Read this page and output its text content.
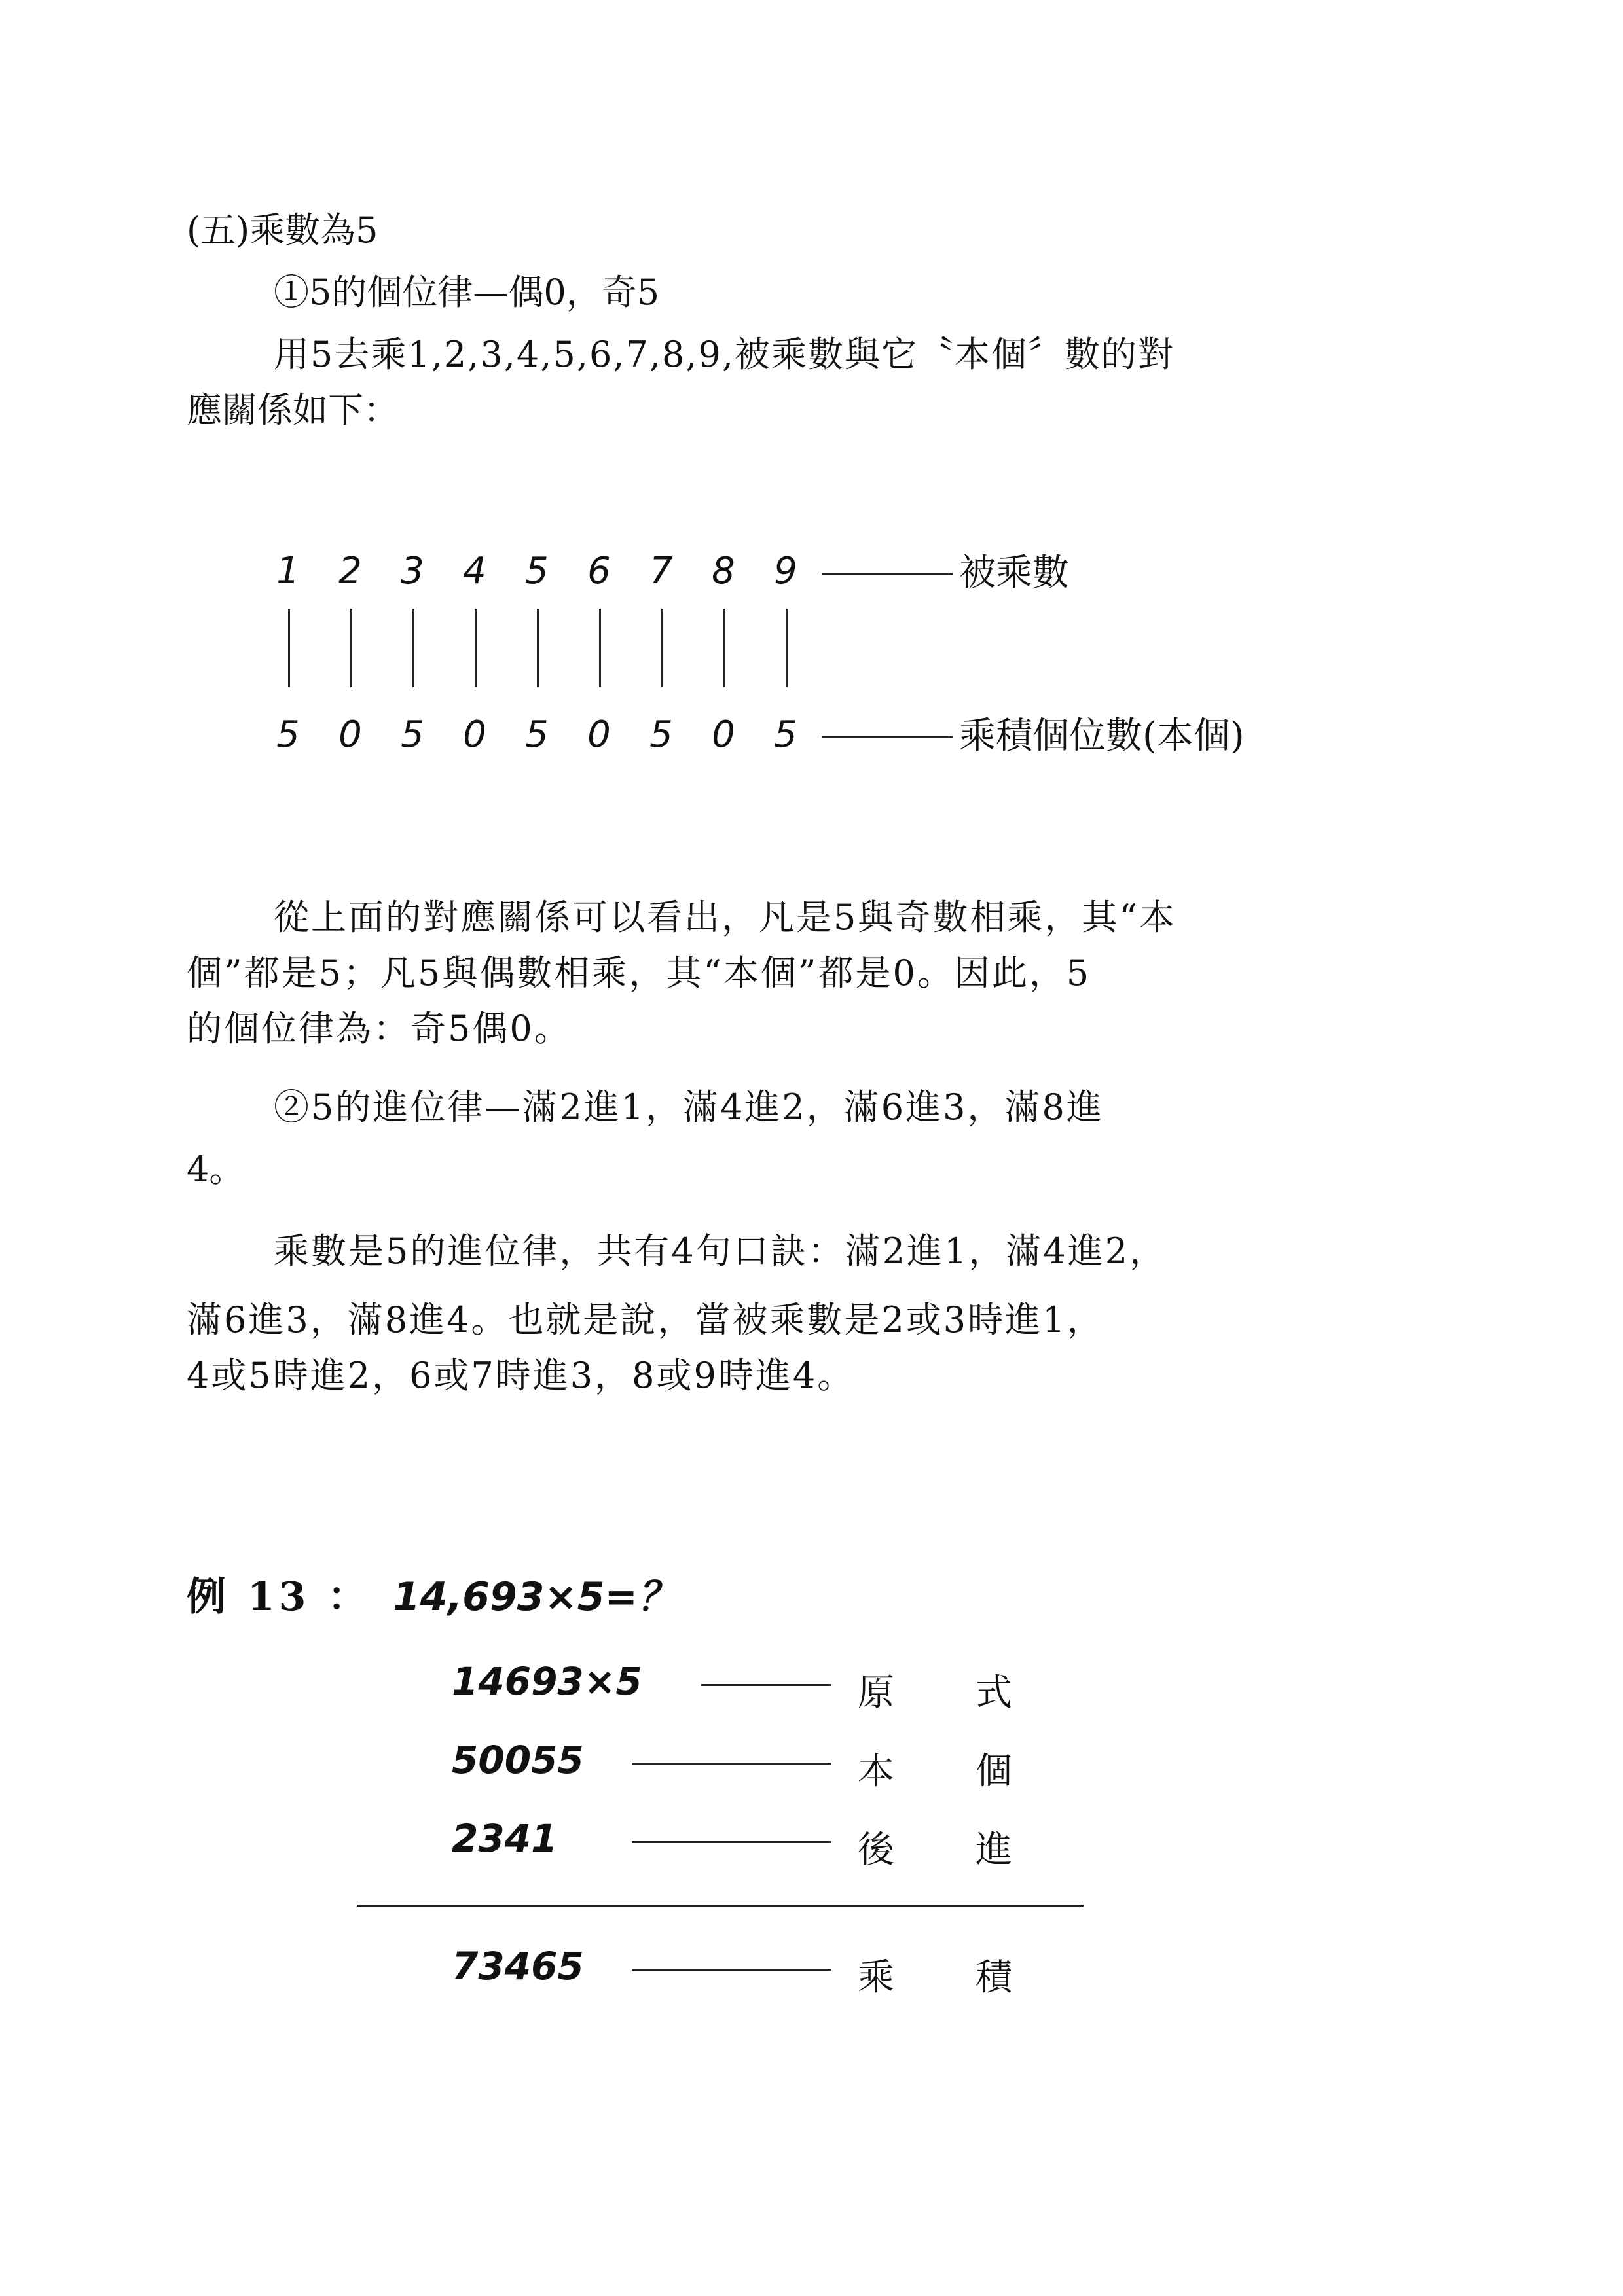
(五)乘數為5
①5的個位律—偶0，奇5
用5去乘1,2,3,4,5,6,7,8,9,被乘數與它〝本個〞數的對
應關係如下：
1 2 3 4 5 6 7 8 9	被乘數
5 0 5 0 5 0 5 0 5	乘積個位數(本個)
從上面的對應關係可以看出，凡是5與奇數相乘，其“本
個”都是5；凡5與偶數相乘，其“本個”都是0。因此，5
的個位律為：奇5偶0。
②5的進位律—滿2進1，滿4進2，滿6進3，滿8進
4。
乘數是5的進位律，共有4句口訣：滿2進1，滿4進2，
滿6進3，滿8進4。也就是說，當被乘數是2或3時進1，
4或5時進2，6或7時進3，8或9時進4。
例 13 ： 14,693×5=？
14693×5	原 式
50055	本 個
2341	後 進
73465	乘 積
